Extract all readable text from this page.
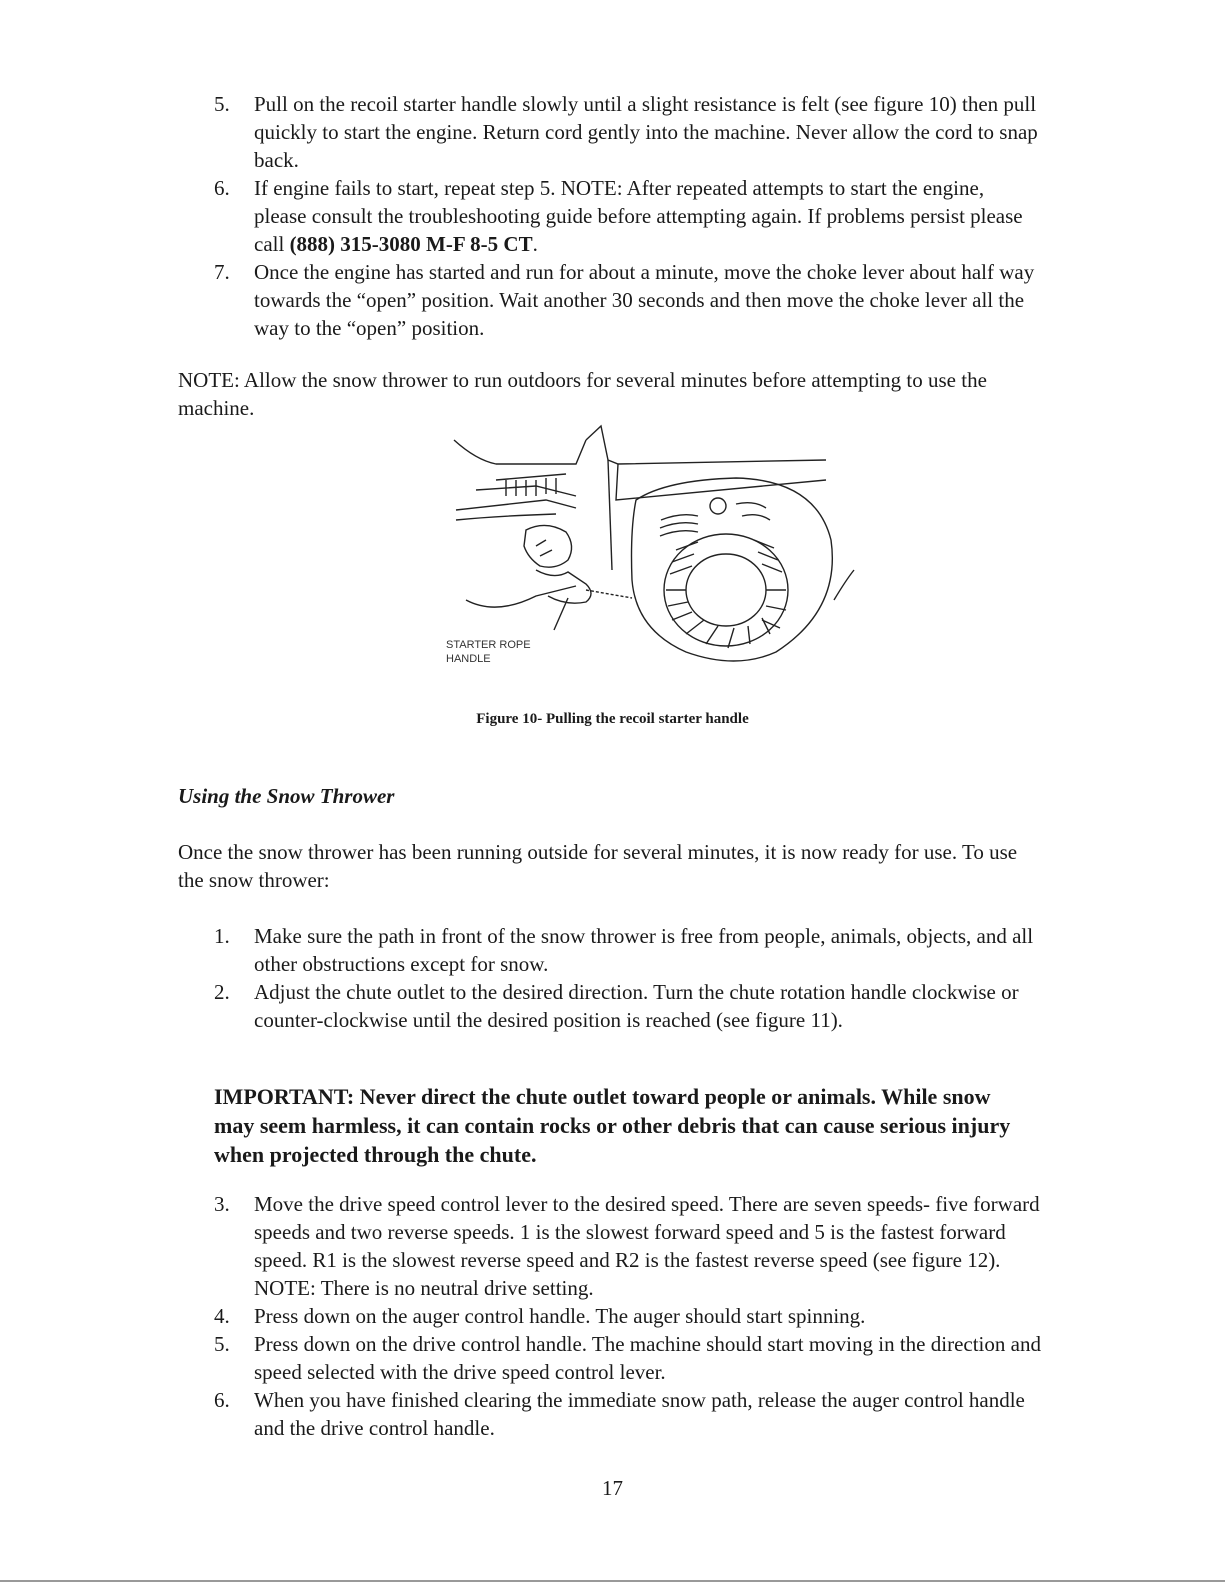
5. Pull on the recoil starter handle slowly until a slight resistance is felt (see figure 10) then pull quickly to start the engine. Return cord gently into the machine. Never allow the cord to snap back.
6. If engine fails to start, repeat step 5. NOTE: After repeated attempts to start the engine, please consult the troubleshooting guide before attempting again. If problems persist please call (888) 315-3080 M-F 8-5 CT.
7. Once the engine has started and run for about a minute, move the choke lever about half way towards the “open” position. Wait another 30 seconds and then move the choke lever all the way to the “open” position.

NOTE: Allow the snow thrower to run outdoors for several minutes before attempting to use the machine.

STARTER ROPE
HANDLE
Figure 10- Pulling the recoil starter handle

Using the Snow Thrower

Once the snow thrower has been running outside for several minutes, it is now ready for use. To use the snow thrower:

1. Make sure the path in front of the snow thrower is free from people, animals, objects, and all other obstructions except for snow.
2. Adjust the chute outlet to the desired direction. Turn the chute rotation handle clockwise or counter-clockwise until the desired position is reached (see figure 11).

IMPORTANT: Never direct the chute outlet toward people or animals. While snow may seem harmless, it can contain rocks or other debris that can cause serious injury when projected through the chute.

3. Move the drive speed control lever to the desired speed. There are seven speeds- five forward speeds and two reverse speeds. 1 is the slowest forward speed and 5 is the fastest forward speed. R1 is the slowest reverse speed and R2 is the fastest reverse speed (see figure 12). NOTE: There is no neutral drive setting.
4. Press down on the auger control handle. The auger should start spinning.
5. Press down on the drive control handle. The machine should start moving in the direction and speed selected with the drive speed control lever.
6. When you have finished clearing the immediate snow path, release the auger control handle and the drive control handle.
17
